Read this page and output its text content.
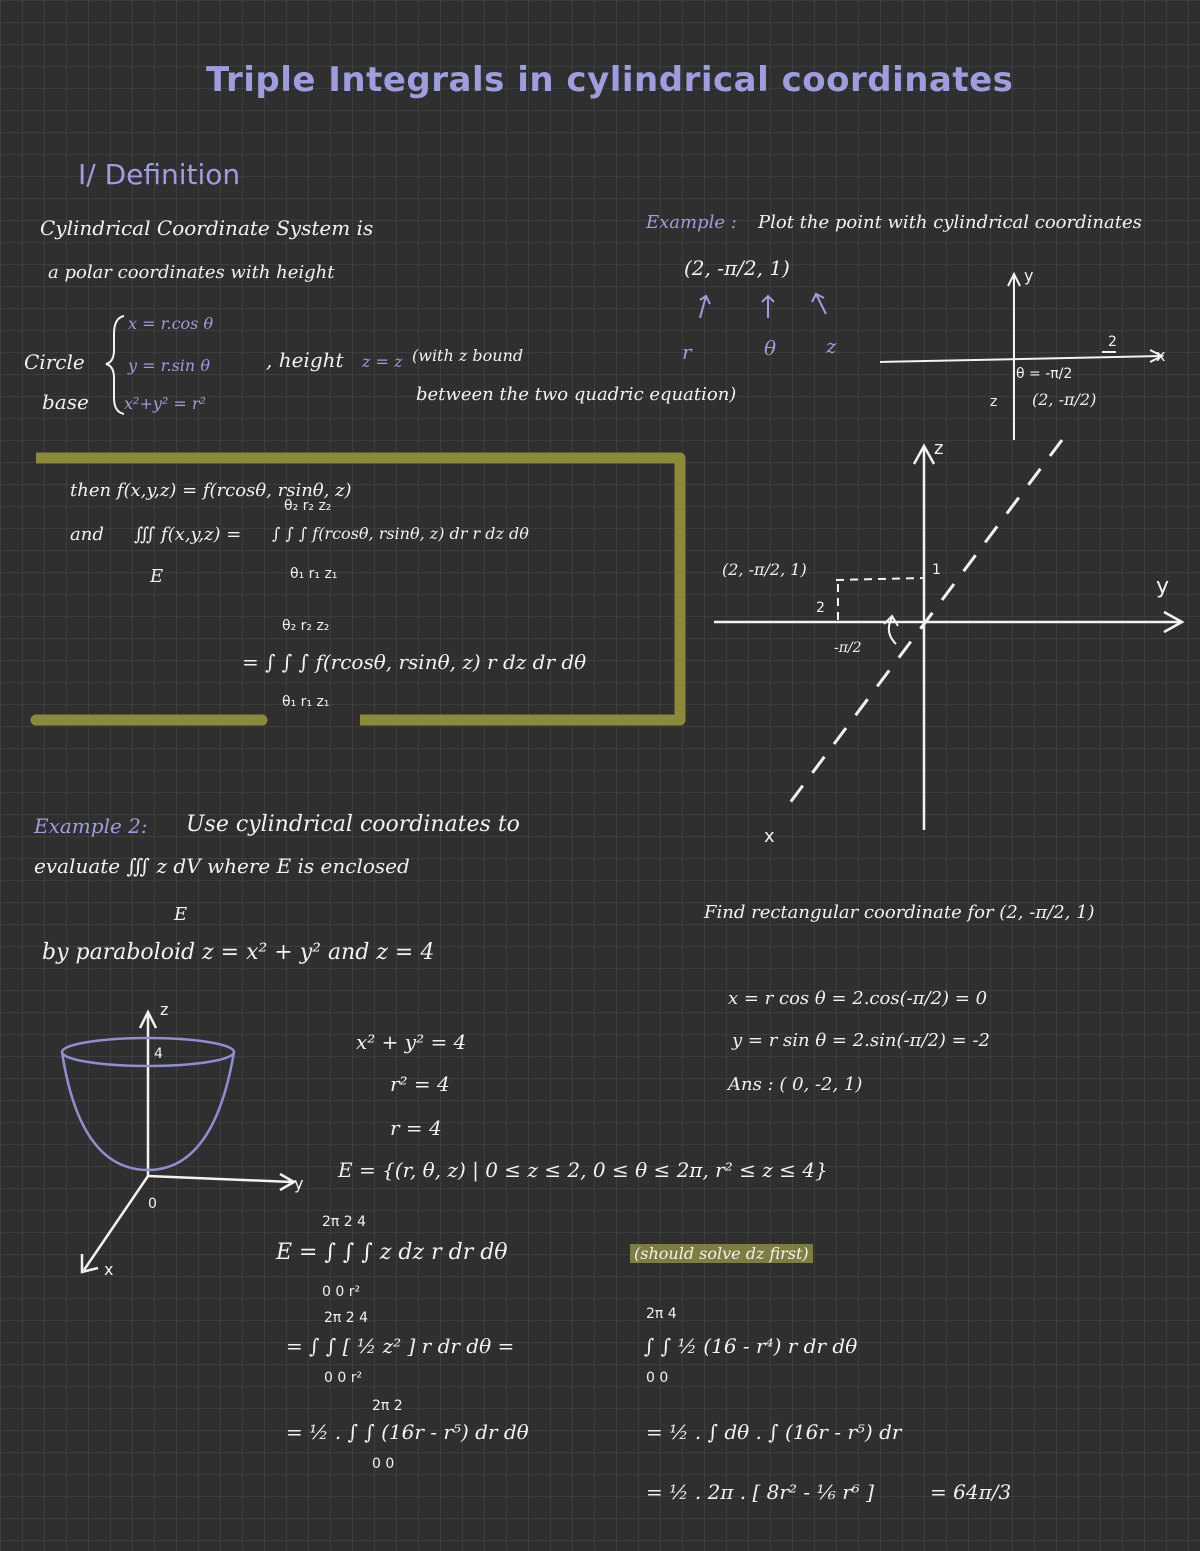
Triple Integrals in cylindrical coordinates
I/ Definition
Cylindrical Coordinate System is
a polar coordinates with height
Circle
base
x = r.cos θ
y = r.sin θ
x²+y² = r²
, height z = z (with z bound
between the two quadric equation)
then f(x,y,z) = f(rcosθ, rsinθ, z)
and ∭ f(x,y,z) =
E
θ₂ r₂ z₂
∫ ∫ ∫ f(rcosθ, rsinθ, z) dr r dz dθ
θ₁ r₁ z₁
θ₂ r₂ z₂
= ∫ ∫ ∫ f(rcosθ, rsinθ, z) r dz dr dθ
θ₁ r₁ z₁
Example : Plot the point with cylindrical coordinates
(2, -π/2, 1)
r	θ z
y
x
2
θ = -π/2
(2, -π/2)
z
z
y
x
(2, -π/2, 1)	1
2
-π/2
Find rectangular coordinate for (2, -π/2, 1)
x = r cos θ = 2.cos(-π/2) = 0
y = r sin θ = 2.sin(-π/2) = -2
Ans : ( 0, -2, 1)
Example 2: Use cylindrical coordinates to
evaluate ∭ z dV where E is enclosed
E
by paraboloid z = x² + y² and z = 4
z
y
x
4
0
x² + y² = 4
r² = 4
r = 4
E = {(r, θ, z) | 0 ≤ z ≤ 2, 0 ≤ θ ≤ 2π, r² ≤ z ≤ 4}
2π 2 4
E = ∫ ∫ ∫ z dz r dr dθ
0 0 r²
(should solve dz first)
2π 2 4
= ∫ ∫ [ ½ z² ] r dr dθ =
0 0 r²
2π 4
∫ ∫ ½ (16 - r⁴) r dr dθ
0 0
2π 2
= ½ . ∫ ∫ (16r - r⁵) dr dθ
0 0
= ½ . ∫ dθ . ∫ (16r - r⁵) dr
= ½ . 2π . [ 8r² - ⅙ r⁶ ]	= 64π/3
